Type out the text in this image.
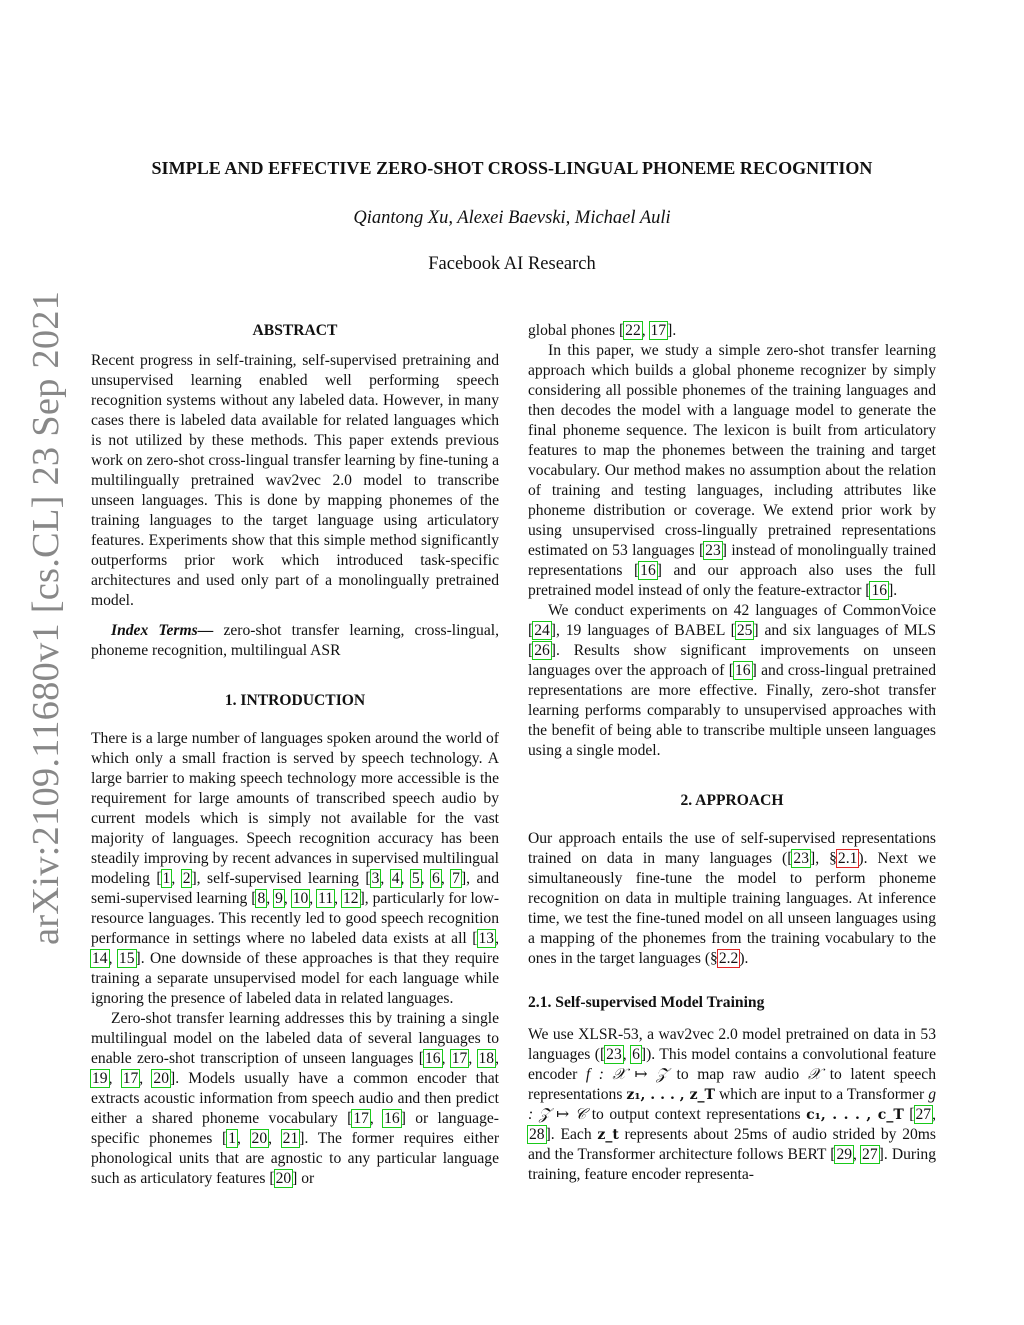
arXiv:2109.11680v1 [cs.CL] 23 Sep 2021
SIMPLE AND EFFECTIVE ZERO-SHOT CROSS-LINGUAL PHONEME RECOGNITION
Qiantong Xu, Alexei Baevski, Michael Auli
Facebook AI Research
ABSTRACT

Recent progress in self-training, self-supervised pretraining and unsupervised learning enabled well performing speech recognition systems without any labeled data. However, in many cases there is labeled data available for related languages which is not utilized by these methods. This paper extends previous work on zero-shot cross-lingual transfer learning by fine-tuning a multilingually pretrained wav2vec 2.0 model to transcribe unseen languages. This is done by mapping phonemes of the training languages to the target language using articulatory features. Experiments show that this simple method significantly outperforms prior work which introduced task-specific architectures and used only part of a monolingually pretrained model.

Index Terms— zero-shot transfer learning, cross-lingual, phoneme recognition, multilingual ASR

1. INTRODUCTION

There is a large number of languages spoken around the world of which only a small fraction is served by speech technology. A large barrier to making speech technology more accessible is the requirement for large amounts of transcribed speech audio by current models which is simply not available for the vast majority of languages. Speech recognition accuracy has been steadily improving by recent advances in supervised multilingual modeling [1, 2], self-supervised learning [3, 4, 5, 6, 7], and semi-supervised learning [8, 9, 10, 11, 12], particularly for low-resource languages. This recently led to good speech recognition performance in settings where no labeled data exists at all [13, 14, 15]. One downside of these approaches is that they require training a separate unsupervised model for each language while ignoring the presence of labeled data in related languages.

Zero-shot transfer learning addresses this by training a single multilingual model on the labeled data of several languages to enable zero-shot transcription of unseen languages [16, 17, 18, 19, 17, 20]. Models usually have a common encoder that extracts acoustic information from speech audio and then predict either a shared phoneme vocabulary [17, 16] or language-specific phonemes [1, 20, 21]. The former requires either phonological units that are agnostic to any particular language such as articulatory features [20] or

global phones [22, 17].

In this paper, we study a simple zero-shot transfer learning approach which builds a global phoneme recognizer by simply considering all possible phonemes of the training languages and then decodes the model with a language model to generate the final phoneme sequence. The lexicon is built from articulatory features to map the phonemes between the training and target vocabulary. Our method makes no assumption about the relation of training and testing languages, including attributes like phoneme distribution or coverage. We extend prior work by using unsupervised cross-lingually pretrained representations estimated on 53 languages [23] instead of monolingually trained representations [16] and our approach also uses the full pretrained model instead of only the feature-extractor [16].

We conduct experiments on 42 languages of CommonVoice [24], 19 languages of BABEL [25] and six languages of MLS [26]. Results show significant improvements on unseen languages over the approach of [16] and cross-lingual pretrained representations are more effective. Finally, zero-shot transfer learning performs comparably to unsupervised approaches with the benefit of being able to transcribe multiple unseen languages using a single model.

2. APPROACH

Our approach entails the use of self-supervised representations trained on data in many languages ([23], §2.1). Next we simultaneously fine-tune the model to perform phoneme recognition on data in multiple training languages. At inference time, we test the fine-tuned model on all unseen languages using a mapping of the phonemes from the training vocabulary to the ones in the target languages (§2.2).

2.1. Self-supervised Model Training

We use XLSR-53, a wav2vec 2.0 model pretrained on data in 53 languages ([23, 6]). This model contains a convolutional feature encoder f : 𝒳 ↦ 𝒵 to map raw audio 𝒳 to latent speech representations z₁, . . . , z_T which are input to a Transformer g : 𝒵 ↦ 𝒞 to output context representations c₁, . . . , c_T [27, 28]. Each z_t represents about 25ms of audio strided by 20ms and the Transformer architecture follows BERT [29, 27]. During training, feature encoder representa-
